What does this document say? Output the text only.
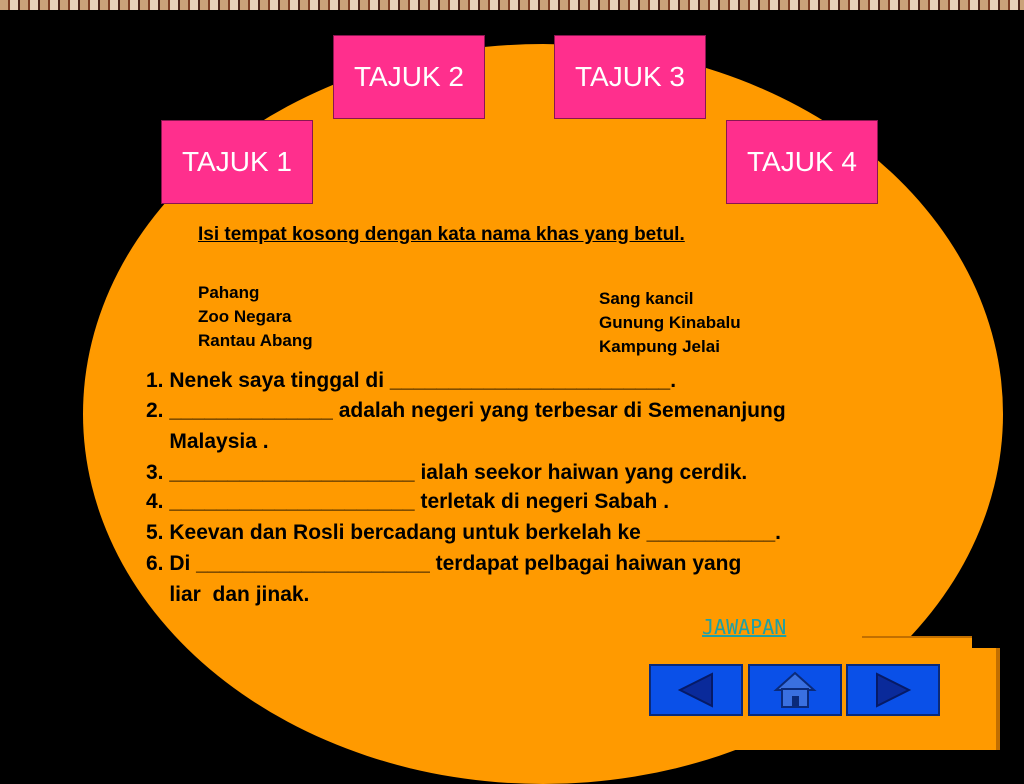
TAJUK 1
TAJUK 2	TAJUK 3
TAJUK 4
Isi tempat kosong dengan kata nama khas yang betul.
Pahang
Zoo Negara
Rantau Abang
Sang kancil
Gunung Kinabalu
Kampung Jelai
1. Nenek saya tinggal di ________________________.
2. ______________ adalah negeri yang terbesar di Semenanjung
Malaysia .
3. _____________________ ialah seekor haiwan yang cerdik.
4. _____________________ terletak di negeri Sabah .
5. Keevan dan Rosli bercadang untuk berkelah ke ___________.
6. Di ____________________ terdapat pelbagai haiwan yang
liar  dan jinak.
JAWAPAN
